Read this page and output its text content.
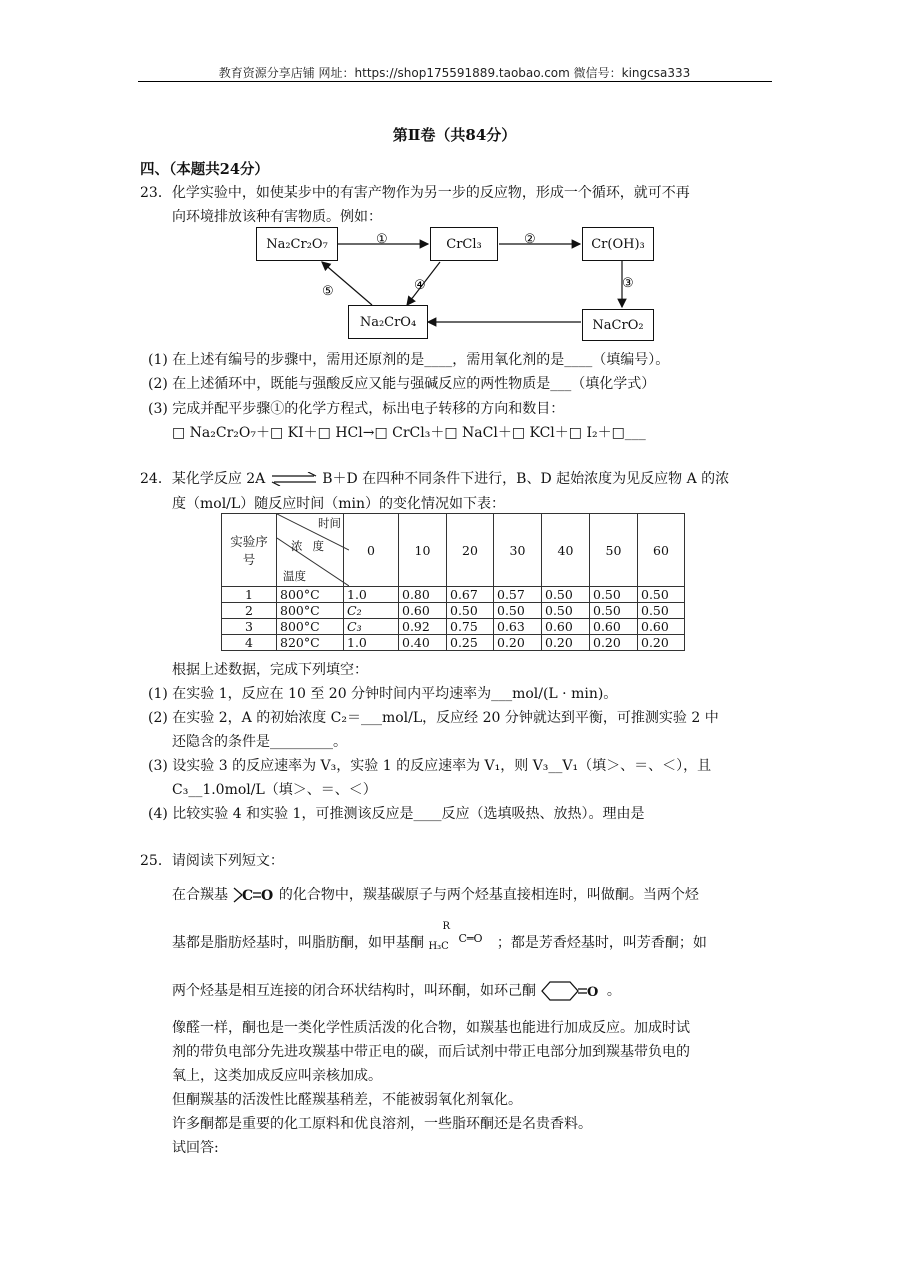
教育资源分享店铺 网址：https://shop175591889.taobao.com 微信号：kingcsa333
第Ⅱ卷（共84分）
四、（本题共24分）
23．化学实验中，如使某步中的有害产物作为另一步的反应物，形成一个循环，就可不再
向环境排放该种有害物质。例如：
①	②
③
④
⑤
Na₂Cr₂O₇	CrCl₃	Cr(OH)₃
Na₂CrO₄	NaCrO₂
(1) 在上述有编号的步骤中，需用还原剂的是____，需用氧化剂的是____（填编号）。
(2) 在上述循环中，既能与强酸反应又能与强碱反应的两性物质是___（填化学式）
(3) 完成并配平步骤①的化学方程式，标出电子转移的方向和数目：
□ Na₂Cr₂O₇＋□ KI＋□ HCl→□ CrCl₃＋□ NaCl＋□ KCl＋□ I₂＋□___
24．某化学反应 2A ⇌ B＋D 在四种不同条件下进行，B、D 起始浓度为见反应物 A 的浓
度（mol/L）随反应时间（min）的变化情况如下表：
实验序号	时间
浓度
温度	0	10	20	30	40	50	60
1	800°C	1.0	0.80	0.67	0.57	0.50	0.50	0.50
2	800°C	C₂	0.60	0.50	0.50	0.50	0.50	0.50
3	800°C	C₃	0.92	0.75	0.63	0.60	0.60	0.60
4	820°C	1.0	0.40	0.25	0.20	0.20	0.20	0.20
根据上述数据，完成下列填空：
(1) 在实验 1，反应在 10 至 20 分钟时间内平均速率为___mol/(L · min)。
(2) 在实验 2，A 的初始浓度 C₂＝___mol/L，反应经 20 分钟就达到平衡，可推测实验 2 中
还隐含的条件是_________。
(3) 设实验 3 的反应速率为 V₃，实验 1 的反应速率为 V₁，则 V₃__V₁（填＞、＝、＜），且
C₃__1.0mol/L（填＞、＝、＜）
(4) 比较实验 4 和实验 1，可推测该反应是____反应（选填吸热、放热）。理由是
25．请阅读下列短文：
在合羰基 C O 的化合物中，羰基碳原子与两个烃基直接相连时，叫做酮。当两个烃
基都是脂肪烃基时，叫脂肪酮，如甲基酮
R
H₃C
C═O ；都是芳香烃基时，叫芳香酮；如
两个烃基是相互连接的闭合环状结构时，叫环酮，如环己酮	O 。
像醛一样，酮也是一类化学性质活泼的化合物，如羰基也能进行加成反应。加成时试
剂的带负电部分先进攻羰基中带正电的碳，而后试剂中带正电部分加到羰基带负电的
氧上，这类加成反应叫亲核加成。
但酮羰基的活泼性比醛羰基稍差，不能被弱氧化剂氧化。
许多酮都是重要的化工原料和优良溶剂，一些脂环酮还是名贵香料。
试回答:
